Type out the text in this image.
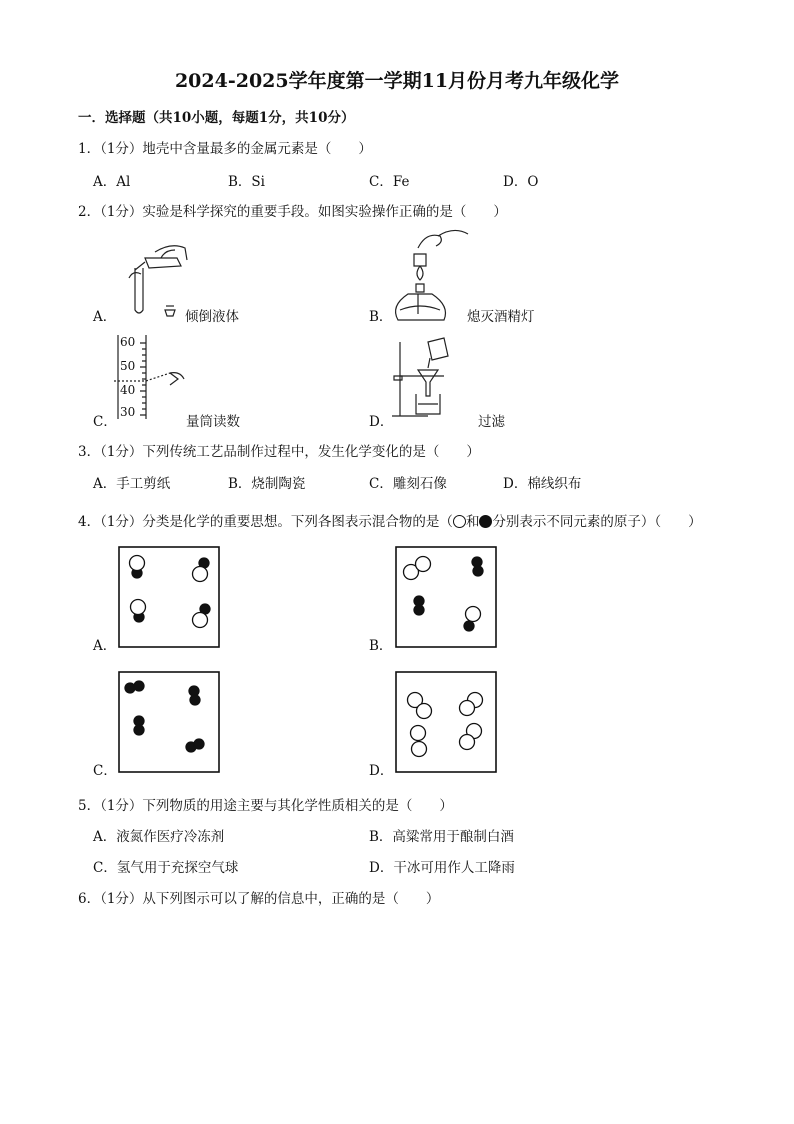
2024-2025学年度第一学期11月份月考九年级化学
一．选择题（共10小题，每题1分，共10分）
1．（1分）地壳中含量最多的金属元素是（　　）
A．Al	B．Si	C．Fe	D．O
2．（1分）实验是科学探究的重要手段。如图实验操作正确的是（　　）
A．	倾倒液体	B．	熄灭酒精灯
60
50
40
30
C．	量筒读数	D．	过滤
3．（1分）下列传统工艺品制作过程中，发生化学变化的是（　　）
A．手工剪纸	B．烧制陶瓷	C．雕刻石像	D．棉线织布
4．（1分）分类是化学的重要思想。下列各图表示混合物的是（ 和 分别表示不同元素的原子）（　　）
A．	B．
C．	D．
5．（1分）下列物质的用途主要与其化学性质相关的是（　　）
A．液氮作医疗冷冻剂	B．高粱常用于酿制白酒
C．氢气用于充探空气球	D．干冰可用作人工降雨
6．（1分）从下列图示可以了解的信息中，正确的是（　　）
